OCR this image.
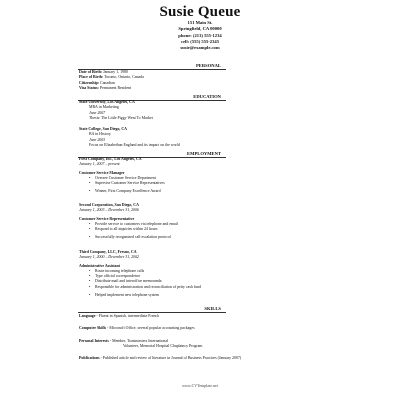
Susie Queue
151 Main St.
Springfield, CA 00000
phone: (213) 555-1234
cell: (555) 555-2345
susie@example.com
PERSONAL
Date of Birth: January 1, 1980
Place of Birth: Toronto, Ontario, Canada
Citizenship: Canadian
Visa Status: Permanent Resident
EDUCATION
State University, Los Angeles, CA
MBA in Marketing
June 2007
Thesis: The Little Piggy Went To Market
State College, San Diego, CA
BA in History
June 2003
Focus on Elizabethan England and its impact on the world
EMPLOYMENT
First Company, Inc., Los Angeles, CA
January 1, 2007 – present
Customer Service Manager
• Oversee Customer Service Department
• Supervise Customer Service Representatives
• Winner, First Company Excellence Award
Second Corporation, San Diego, CA
January 1, 2003 – December 31, 2006
Customer Service Representative
• Provide service to customers via telephone and email
• Respond to all inquiries within 24 hours
• Successfully reorganized call escalation protocol
Third Company, LLC, Fresno, CA
January 1, 2000 – December 31, 2002
Administrative Assistant
• Route incoming telephone calls
• Type official correspondence
• Distribute mail and interoffice memoranda
• Responsible for administration and reconciliation of petty cash fund
• Helped implement new telephone system
SKILLS
Language - Fluent in Spanish, intermediate French
Computer Skills - Microsoft Office, several popular accounting packages
Personal Interests - Member, Toastmasters International
Volunteer, Memorial Hospital Chaplaincy Program
Publications - Published article and review of literature in Journal of Business Practices (January 2007)
www.CVTemplate.net
